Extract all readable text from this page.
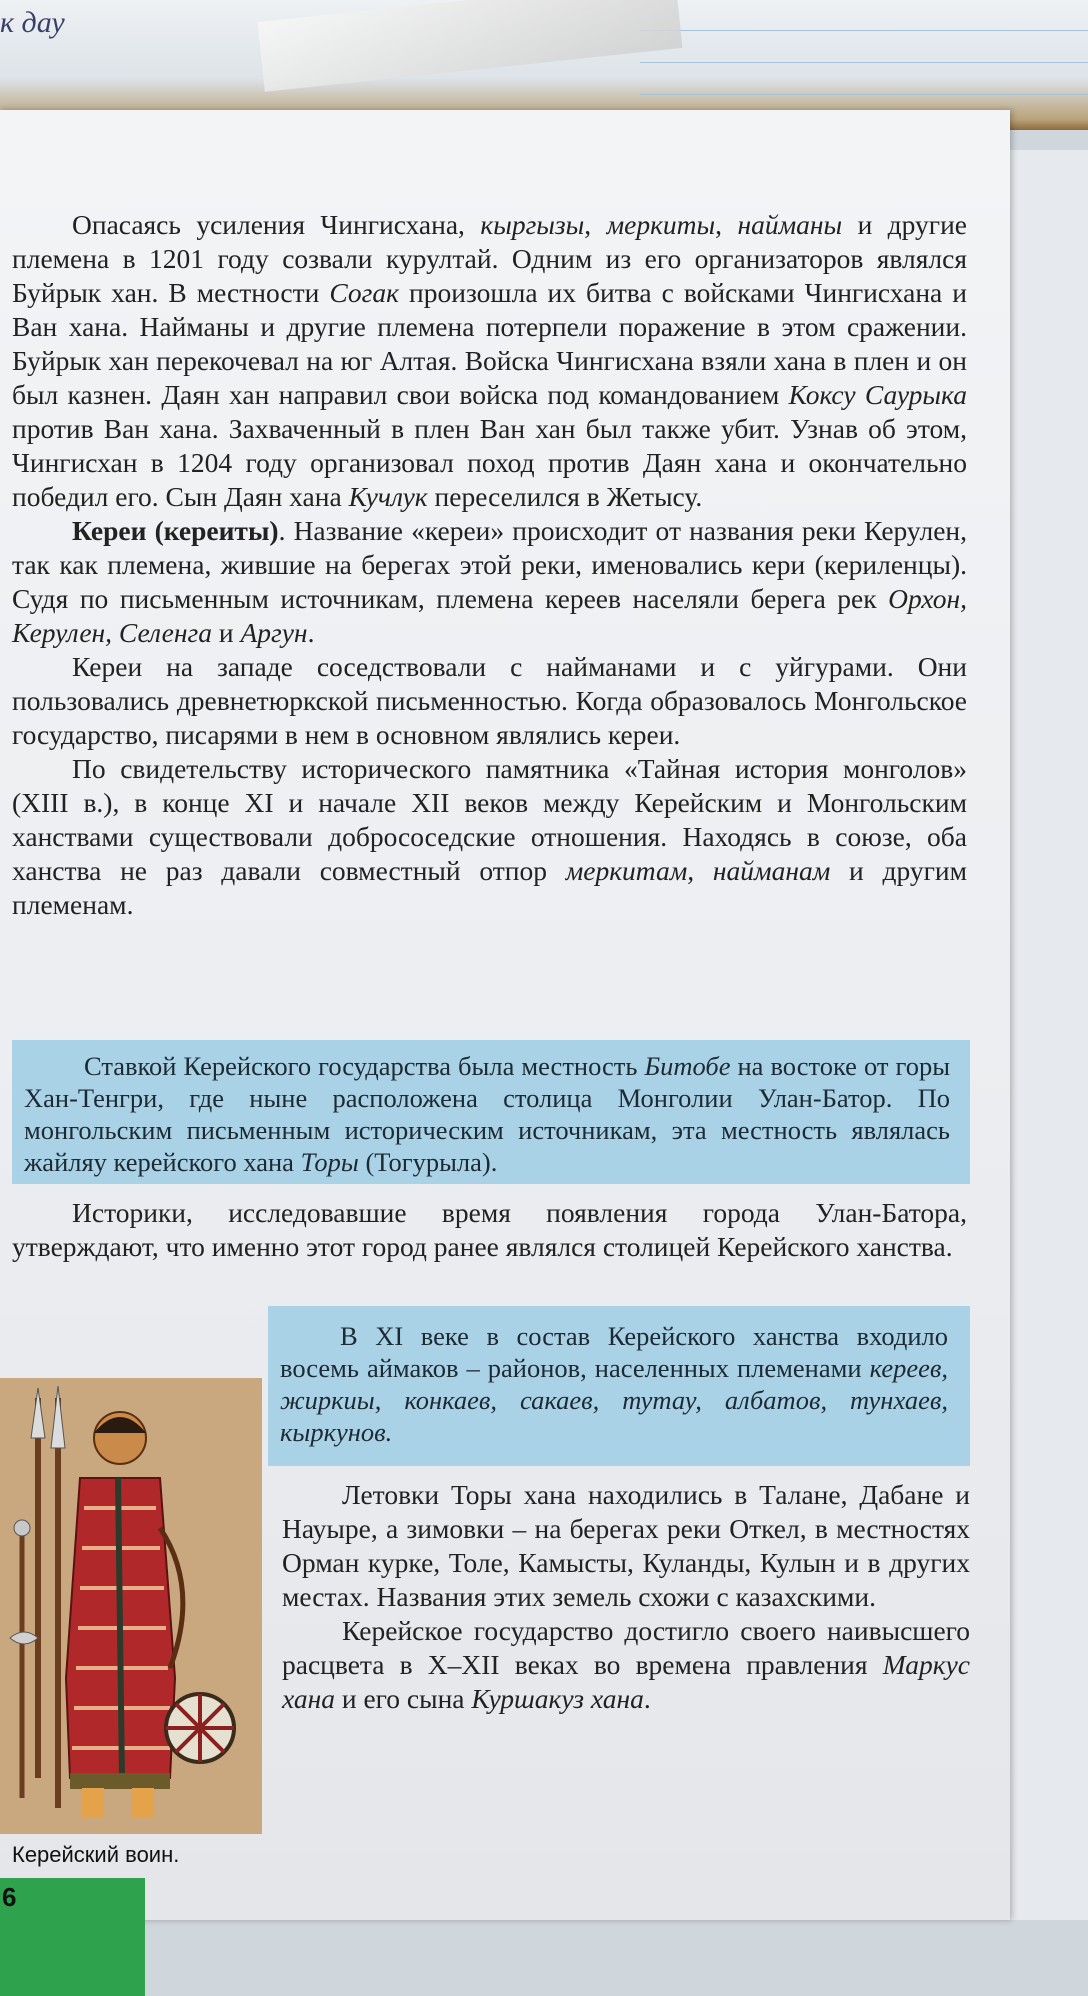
к дау

Опасаясь усиления Чингисхана, кыргызы, меркиты, найманы и другие племена в 1201 году созвали курултай. Одним из его организаторов являлся Буйрык хан. В местности Согак произошла их битва с войсками Чингисхана и Ван хана. Найманы и другие племена потерпели поражение в этом сражении. Буйрык хан перекочевал на юг Алтая. Войска Чингисхана взяли хана в плен и он был казнен. Даян хан направил свои войска под командованием Коксу Саурыка против Ван хана. Захваченный в плен Ван хан был также убит. Узнав об этом, Чингисхан в 1204 году организовал поход против Даян хана и окончательно победил его. Сын Даян хана Кучлук переселился в Жетысу.

Кереи (кереиты). Название «кереи» происходит от названия реки Керулен, так как племена, жившие на берегах этой реки, именовались кери (кериленцы). Судя по письменным источникам, племена кереев населяли берега рек Орхон, Керулен, Селенга и Аргун.

Кереи на западе соседствовали с найманами и с уйгурами. Они пользовались древнетюркской письменностью. Когда образовалось Монгольское государство, писарями в нем в основном являлись кереи.

По свидетельству исторического памятника «Тайная история монголов» (XIII в.), в конце XI и начале XII веков между Керейским и Монгольским ханствами существовали добрососедские отношения. Находясь в союзе, оба ханства не раз давали совместный отпор меркитам, найманам и другим племенам.

Ставкой Керейского государства была местность Битобе на востоке от горы Хан-Тенгри, где ныне расположена столица Монголии Улан-Батор. По монгольским письменным историческим источникам, эта местность являлась жайляу керейского хана Торы (Тогурыла).

Историки, исследовавшие время появления города Улан-Батора, утверждают, что именно этот город ранее являлся столицей Керейского ханства.

В XI веке в состав Керейского ханства входило восемь аймаков – районов, населенных племенами кереев, жиркиы, конкаев, сакаев, тутау, албатов, тунхаев, кыркунов.

Летовки Торы хана находились в Талане, Дабане и Науыре, а зимовки – на берегах реки Откел, в местностях Орман курке, Толе, Камысты, Куланды, Кулын и в других местах. Названия этих земель схожи с казахскими.

Керейское государство достигло своего наивысшего расцвета в X–XII веках во времена правления Маркус хана и его сына Куршакуз хана.

Керейский воин.
6
